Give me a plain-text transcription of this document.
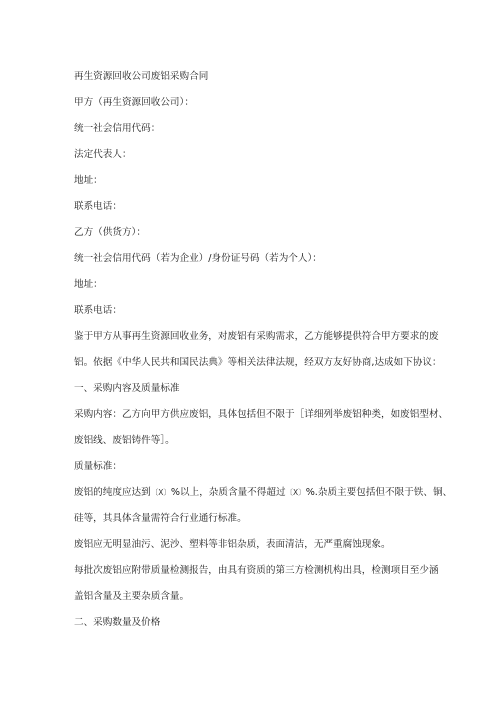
再生资源回收公司废铝采购合同

甲方（再生资源回收公司）：

统一社会信用代码：

法定代表人：

地址：

联系电话：

乙方（供货方）：

统一社会信用代码（若为企业）/身份证号码（若为个人）：

地址：

联系电话：

鉴于甲方从事再生资源回收业务，对废铝有采购需求，乙方能够提供符合甲方要求的废

铝。依据《中华人民共和国民法典》等相关法律法规，经双方友好协商,达成如下协议：

一、采购内容及质量标准

采购内容：乙方向甲方供应废铝，具体包括但不限于［详细列举废铝种类，如废铝型材、

废铝线、废铝铸件等］。

质量标准：

废铝的纯度应达到〔X〕%以上，杂质含量不得超过〔X〕%.杂质主要包括但不限于铁、铜、

硅等，其具体含量需符合行业通行标准。

废铝应无明显油污、泥沙、塑料等非铝杂质，表面清洁，无严重腐蚀现象。

每批次废铝应附带质量检测报告，由具有资质的第三方检测机构出具，检测项目至少涵

盖铝含量及主要杂质含量。

二、采购数量及价格
